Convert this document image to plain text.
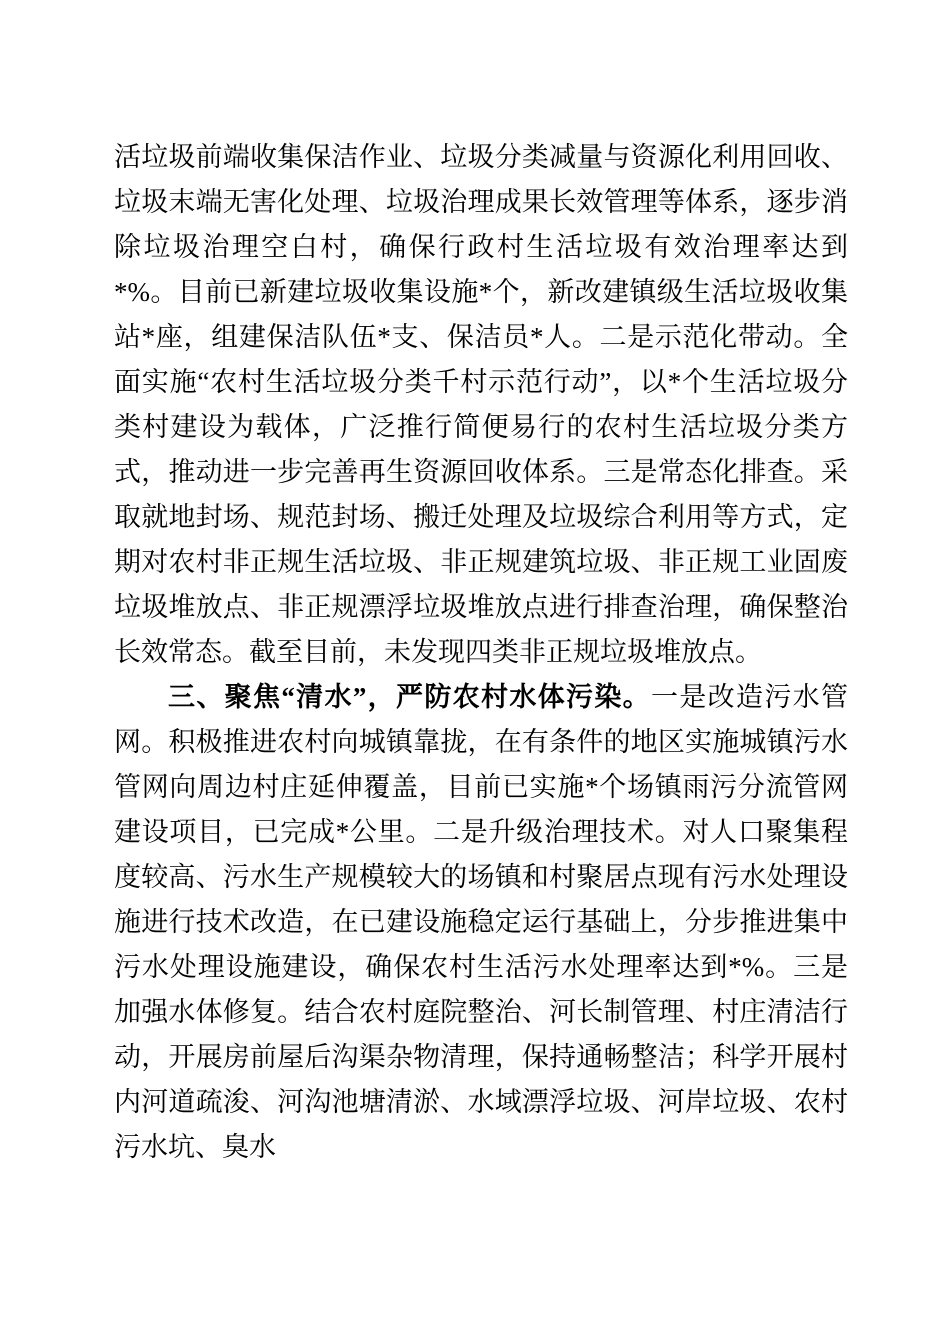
活垃圾前端收集保洁作业、垃圾分类减量与资源化利用回收、垃圾末端无害化处理、垃圾治理成果长效管理等体系，逐步消除垃圾治理空白村，确保行政村生活垃圾有效治理率达到*%。目前已新建垃圾收集设施*个，新改建镇级生活垃圾收集站*座，组建保洁队伍*支、保洁员*人。二是示范化带动。全面实施“农村生活垃圾分类千村示范行动”，以*个生活垃圾分类村建设为载体，广泛推行简便易行的农村生活垃圾分类方式，推动进一步完善再生资源回收体系。三是常态化排查。采取就地封场、规范封场、搬迁处理及垃圾综合利用等方式，定期对农村非正规生活垃圾、非正规建筑垃圾、非正规工业固废垃圾堆放点、非正规漂浮垃圾堆放点进行排查治理，确保整治长效常态。截至目前，未发现四类非正规垃圾堆放点。

三、聚焦“清水”，严防农村水体污染。一是改造污水管网。积极推进农村向城镇靠拢，在有条件的地区实施城镇污水管网向周边村庄延伸覆盖，目前已实施*个场镇雨污分流管网建设项目，已完成*公里。二是升级治理技术。对人口聚集程度较高、污水生产规模较大的场镇和村聚居点现有污水处理设施进行技术改造，在已建设施稳定运行基础上，分步推进集中污水处理设施建设，确保农村生活污水处理率达到*%。三是加强水体修复。结合农村庭院整治、河长制管理、村庄清洁行动，开展房前屋后沟渠杂物清理，保持通畅整洁；科学开展村内河道疏浚、河沟池塘清淤、水域漂浮垃圾、河岸垃圾、农村污水坑、臭水
